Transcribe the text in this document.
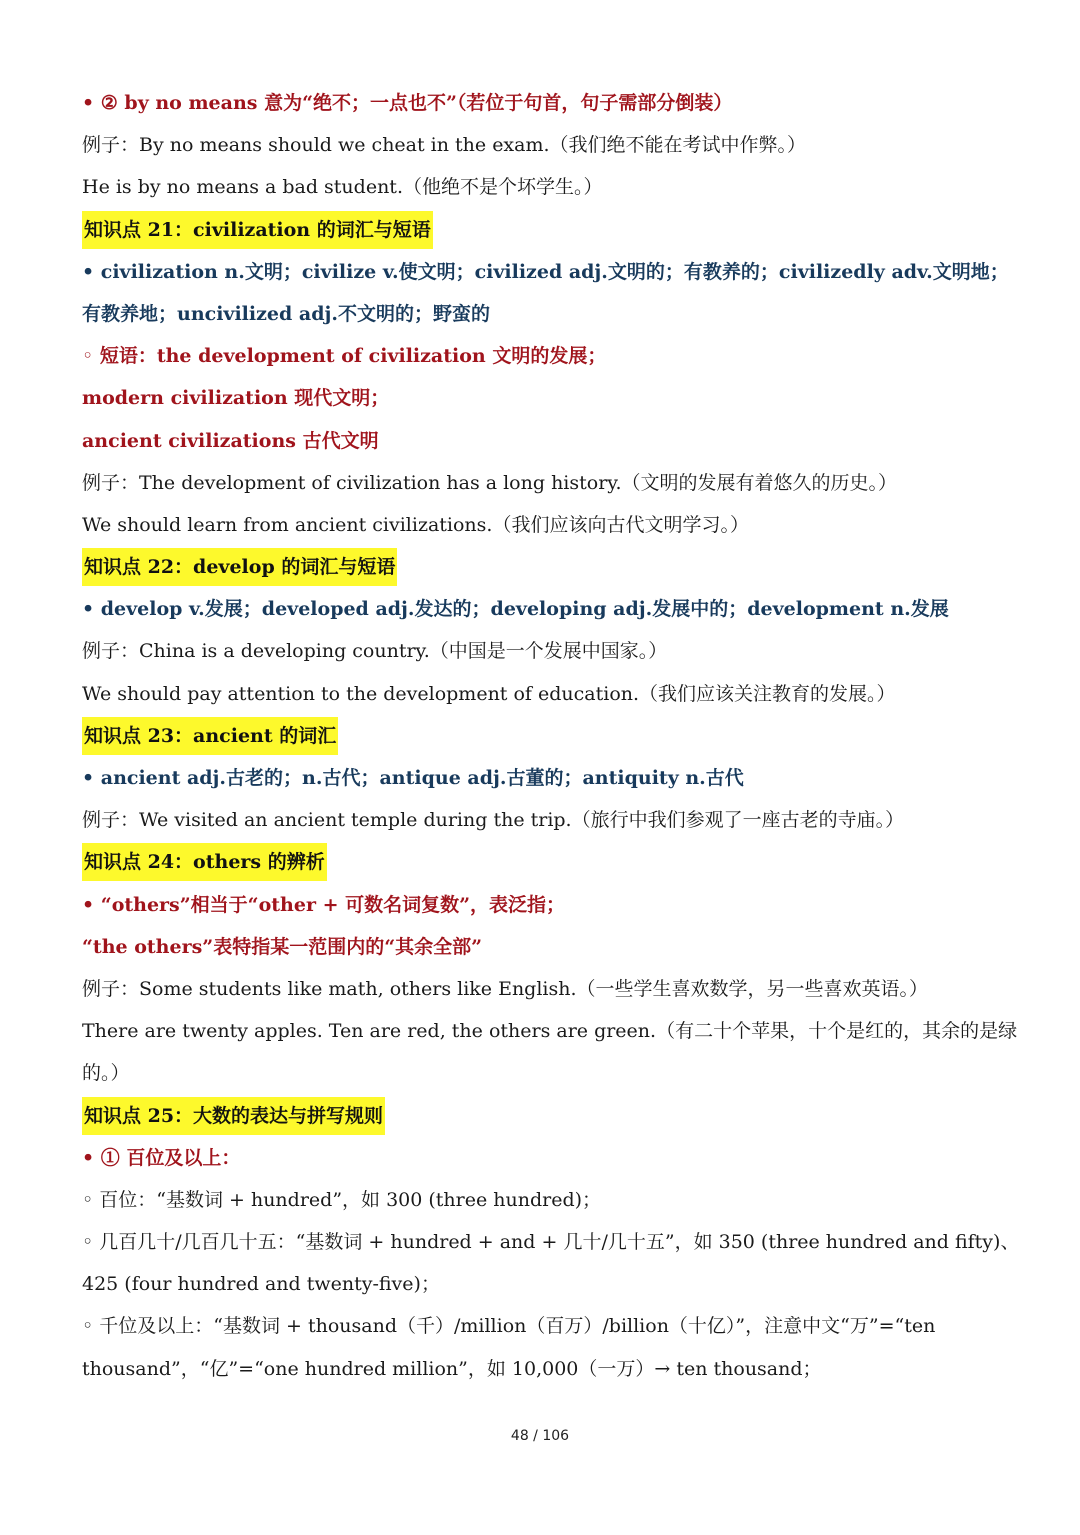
• ② by no means 意为“绝不；一点也不”（若位于句首，句子需部分倒装）
例子：By no means should we cheat in the exam.（我们绝不能在考试中作弊。）
He is by no means a bad student.（他绝不是个坏学生。）
知识点 21：civilization 的词汇与短语
• civilization n.文明；civilize v.使文明；civilized adj.文明的；有教养的；civilizedly adv.文明地；
有教养地；uncivilized adj.不文明的；野蛮的
◦ 短语：the development of civilization 文明的发展；
modern civilization 现代文明；
ancient civilizations 古代文明
例子：The development of civilization has a long history.（文明的发展有着悠久的历史。）
We should learn from ancient civilizations.（我们应该向古代文明学习。）
知识点 22：develop 的词汇与短语
• develop v.发展；developed adj.发达的；developing adj.发展中的；development n.发展
例子：China is a developing country.（中国是一个发展中国家。）
We should pay attention to the development of education.（我们应该关注教育的发展。）
知识点 23：ancient 的词汇
• ancient adj.古老的；n.古代；antique adj.古董的；antiquity n.古代
例子：We visited an ancient temple during the trip.（旅行中我们参观了一座古老的寺庙。）
知识点 24：others 的辨析
• “others”相当于“other + 可数名词复数”，表泛指；
“the others”表特指某一范围内的“其余全部”
例子：Some students like math, others like English.（一些学生喜欢数学，另一些喜欢英语。）
There are twenty apples. Ten are red, the others are green.（有二十个苹果，十个是红的，其余的是绿
的。）
知识点 25：大数的表达与拼写规则
• ① 百位及以上：
◦ 百位：“基数词 + hundred”，如 300 (three hundred)；
◦ 几百几十/几百几十五：“基数词 + hundred + and + 几十/几十五”，如 350 (three hundred and fifty)、
425 (four hundred and twenty-five)；
◦ 千位及以上：“基数词 + thousand（千）/million（百万）/billion（十亿）”，注意中文“万”=“ten
thousand”，“亿”=“one hundred million”，如 10,000（一万）→ ten thousand；
48 / 106
